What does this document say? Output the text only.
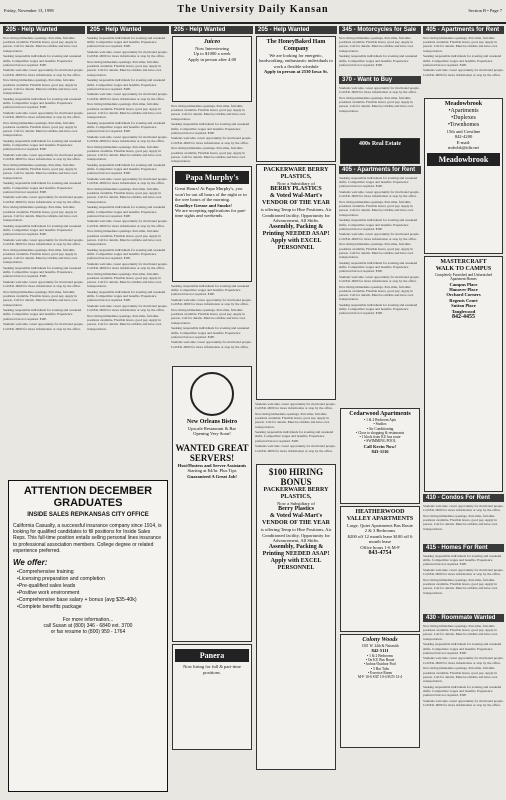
Friday, November 13, 1998	The University Daily Kansan	Section B • Page 7
205 - Help Wanted

Now hiring immediate openings. Part-time, full-time positions available. Flexible hours, good pay. Apply in person. Call for details. Must be reliable and have own transportation.

Seeking responsible individuals for evening and weekend shifts. Competitive wages and benefits. Experience preferred but not required. EOE.

Students welcome. Great opportunity for motivated people. Call 841-0000 for more information or stop by the office.

Now hiring immediate openings. Part-time, full-time positions available. Flexible hours, good pay. Apply in person. Call for details. Must be reliable and have own transportation.

Seeking responsible individuals for evening and weekend shifts. Competitive wages and benefits. Experience preferred but not required. EOE.

Students welcome. Great opportunity for motivated people. Call 841-0000 for more information or stop by the office.

Now hiring immediate openings. Part-time, full-time positions available. Flexible hours, good pay. Apply in person. Call for details. Must be reliable and have own transportation.

Seeking responsible individuals for evening and weekend shifts. Competitive wages and benefits. Experience preferred but not required. EOE.

Students welcome. Great opportunity for motivated people. Call 841-0000 for more information or stop by the office.

Now hiring immediate openings. Part-time, full-time positions available. Flexible hours, good pay. Apply in person. Call for details. Must be reliable and have own transportation.

Seeking responsible individuals for evening and weekend shifts. Competitive wages and benefits. Experience preferred but not required. EOE.

Students welcome. Great opportunity for motivated people. Call 841-0000 for more information or stop by the office.

Now hiring immediate openings. Part-time, full-time positions available. Flexible hours, good pay. Apply in person. Call for details. Must be reliable and have own transportation.

Seeking responsible individuals for evening and weekend shifts. Competitive wages and benefits. Experience preferred but not required. EOE.

Students welcome. Great opportunity for motivated people. Call 841-0000 for more information or stop by the office.

Now hiring immediate openings. Part-time, full-time positions available. Flexible hours, good pay. Apply in person. Call for details. Must be reliable and have own transportation.

Seeking responsible individuals for evening and weekend shifts. Competitive wages and benefits. Experience preferred but not required. EOE.

Students welcome. Great opportunity for motivated people. Call 841-0000 for more information or stop by the office.

Now hiring immediate openings. Part-time, full-time positions available. Flexible hours, good pay. Apply in person. Call for details. Must be reliable and have own transportation.

Seeking responsible individuals for evening and weekend shifts. Competitive wages and benefits. Experience preferred but not required. EOE.

Students welcome. Great opportunity for motivated people. Call 841-0000 for more information or stop by the office.

205 - Help Wanted

Seeking responsible individuals for evening and weekend shifts. Competitive wages and benefits. Experience preferred but not required. EOE.

Students welcome. Great opportunity for motivated people. Call 841-0000 for more information or stop by the office.

Now hiring immediate openings. Part-time, full-time positions available. Flexible hours, good pay. Apply in person. Call for details. Must be reliable and have own transportation.

Seeking responsible individuals for evening and weekend shifts. Competitive wages and benefits. Experience preferred but not required. EOE.

Students welcome. Great opportunity for motivated people. Call 841-0000 for more information or stop by the office.

Now hiring immediate openings. Part-time, full-time positions available. Flexible hours, good pay. Apply in person. Call for details. Must be reliable and have own transportation.

Seeking responsible individuals for evening and weekend shifts. Competitive wages and benefits. Experience preferred but not required. EOE.

Students welcome. Great opportunity for motivated people. Call 841-0000 for more information or stop by the office.

Now hiring immediate openings. Part-time, full-time positions available. Flexible hours, good pay. Apply in person. Call for details. Must be reliable and have own transportation.

Seeking responsible individuals for evening and weekend shifts. Competitive wages and benefits. Experience preferred but not required. EOE.

Students welcome. Great opportunity for motivated people. Call 841-0000 for more information or stop by the office.

Now hiring immediate openings. Part-time, full-time positions available. Flexible hours, good pay. Apply in person. Call for details. Must be reliable and have own transportation.

Seeking responsible individuals for evening and weekend shifts. Competitive wages and benefits. Experience preferred but not required. EOE.

Students welcome. Great opportunity for motivated people. Call 841-0000 for more information or stop by the office.

Now hiring immediate openings. Part-time, full-time positions available. Flexible hours, good pay. Apply in person. Call for details. Must be reliable and have own transportation.

Seeking responsible individuals for evening and weekend shifts. Competitive wages and benefits. Experience preferred but not required. EOE.

Students welcome. Great opportunity for motivated people. Call 841-0000 for more information or stop by the office.

Now hiring immediate openings. Part-time, full-time positions available. Flexible hours, good pay. Apply in person. Call for details. Must be reliable and have own transportation.

Seeking responsible individuals for evening and weekend shifts. Competitive wages and benefits. Experience preferred but not required. EOE.

Students welcome. Great opportunity for motivated people. Call 841-0000 for more information or stop by the office.

Now hiring immediate openings. Part-time, full-time positions available. Flexible hours, good pay. Apply in person. Call for details. Must be reliable and have own transportation.

205 - Help Wanted
Juiceo
Now Interviewing
Up to $1000 a week
Apply in person after 4:00

Now hiring immediate openings. Part-time, full-time positions available. Flexible hours, good pay. Apply in person. Call for details. Must be reliable and have own transportation.

Seeking responsible individuals for evening and weekend shifts. Competitive wages and benefits. Experience preferred but not required. EOE.

Students welcome. Great opportunity for motivated people. Call 841-0000 for more information or stop by the office.

Now hiring immediate openings. Part-time, full-time positions available. Flexible hours, good pay. Apply in person. Call for details. Must be reliable and have own transportation.

Papa Murphy's
Great Hours! At Papa Murphy's, you won't be out all hours of the night or in the wee hours of the morning.
Goodbye Grease and Smoke!
We are accepting applications for part-time sights and weekends.

Seeking responsible individuals for evening and weekend shifts. Competitive wages and benefits. Experience preferred but not required. EOE.

Students welcome. Great opportunity for motivated people. Call 841-0000 for more information or stop by the office.

Now hiring immediate openings. Part-time, full-time positions available. Flexible hours, good pay. Apply in person. Call for details. Must be reliable and have own transportation.

Seeking responsible individuals for evening and weekend shifts. Competitive wages and benefits. Experience preferred but not required. EOE.

Students welcome. Great opportunity for motivated people. Call 841-0000 for more information or stop by the office.

New Orleans Bistro
Upscale Restaurant & Bar
Opening Very Soon!
WANTED GREAT SERVERS!
Host/Hostess and Server Assistants
Starting at $4/hr. Plus Tips
Guaranteed A Great Job!
Panera
Now hiring for full & part-time positions.
205 - Help Wanted
The HoneyBaked Ham Company
We are looking for energetic, hardworking, enthusiastic individuals to work a flexible schedule
Apply in person at 2530 Iowa St.
PACKERWARE BERRY PLASTICS,
Now a Subsidiary of
BERRY PLASTICS
& Voted Wal-Mart's VENDOR OF THE YEAR
is offering Temp to Hire Positions, Air Conditioned facility, Opportunity for Advancement, All Shifts.
Assembly, Packing & Printing NEEDED ASAP! Apply with EXCEL PERSONNEL

Students welcome. Great opportunity for motivated people. Call 841-0000 for more information or stop by the office.

Now hiring immediate openings. Part-time, full-time positions available. Flexible hours, good pay. Apply in person. Call for details. Must be reliable and have own transportation.

Seeking responsible individuals for evening and weekend shifts. Competitive wages and benefits. Experience preferred but not required. EOE.

Students welcome. Great opportunity for motivated people. Call 841-0000 for more information or stop by the office.

$100 HIRING BONUS
PACKERWARE BERRY PLASTICS,
Now a Subsidiary of
Berry Plastics
& Voted Wal-Mart's VENDOR OF THE YEAR
is offering Temp to Hire Positions, Air Conditioned facility, Opportunity for Advancement, All Shifts.
Assembly, Packing & Printing NEEDED ASAP! Apply with EXCEL PERSONNEL
345 - Motorcycles for Sale

Now hiring immediate openings. Part-time, full-time positions available. Flexible hours, good pay. Apply in person. Call for details. Must be reliable and have own transportation.

Seeking responsible individuals for evening and weekend shifts. Competitive wages and benefits. Experience preferred but not required. EOE.

370 - Want to Buy

Students welcome. Great opportunity for motivated people. Call 841-0000 for more information or stop by the office.

Now hiring immediate openings. Part-time, full-time positions available. Flexible hours, good pay. Apply in person. Call for details. Must be reliable and have own transportation.

400s Real Estate
405 - Apartments for Rent

Seeking responsible individuals for evening and weekend shifts. Competitive wages and benefits. Experience preferred but not required. EOE.

Students welcome. Great opportunity for motivated people. Call 841-0000 for more information or stop by the office.

Now hiring immediate openings. Part-time, full-time positions available. Flexible hours, good pay. Apply in person. Call for details. Must be reliable and have own transportation.

Seeking responsible individuals for evening and weekend shifts. Competitive wages and benefits. Experience preferred but not required. EOE.

Students welcome. Great opportunity for motivated people. Call 841-0000 for more information or stop by the office.

Now hiring immediate openings. Part-time, full-time positions available. Flexible hours, good pay. Apply in person. Call for details. Must be reliable and have own transportation.

Seeking responsible individuals for evening and weekend shifts. Competitive wages and benefits. Experience preferred but not required. EOE.

Students welcome. Great opportunity for motivated people. Call 841-0000 for more information or stop by the office.

Now hiring immediate openings. Part-time, full-time positions available. Flexible hours, good pay. Apply in person. Call for details. Must be reliable and have own transportation.

Seeking responsible individuals for evening and weekend shifts. Competitive wages and benefits. Experience preferred but not required. EOE.

Cedarwood Apartments
• 1 & 2 Bedroom Apts
• Studios
• Air Conditioning
• Close to shopping & restaurants
• 1 block from KU bus route
• SWIMMING POOL
Call Kevin Now!
843-1116
HEATHERWOOD VALLEY APARTMENTS
Large, Quiet Apartments Bus Route
2 & 3 Bedrooms
$200 off 12 month lease $100 off 6 month lease
Office hours 1-6 M-F
843-4754
Colony Woods
1301 W. 24th & Naismith
842-5111
• 1 & 2 Bedrooms
• On KU Bus Route
• Indoor/Outdoor Pool
• 5 Hot Tubs
• Exercise Room
M-F 10-6 SAT 10-4 SUN 12-4
405 - Apartments for Rent

Now hiring immediate openings. Part-time, full-time positions available. Flexible hours, good pay. Apply in person. Call for details. Must be reliable and have own transportation.

Seeking responsible individuals for evening and weekend shifts. Competitive wages and benefits. Experience preferred but not required. EOE.

Students welcome. Great opportunity for motivated people. Call 841-0000 for more information or stop by the office.

Meadowbrook
•Apartments
•Duplexes
•Townhomes
15th and Crestline
842-4200
E-mail:
mdwbk@idir.net
Meadowbrook
MASTERCRAFT
WALK TO CAMPUS
Completely Furnished and Unfurnished Apartment Homes
Campus Place
Hanover Place
Orchard Corners
Regents Court
Sutton Place
Tanglewood
842-4455
410 - Condos For Rent

Students welcome. Great opportunity for motivated people. Call 841-0000 for more information or stop by the office.

Now hiring immediate openings. Part-time, full-time positions available. Flexible hours, good pay. Apply in person. Call for details. Must be reliable and have own transportation.

415 - Homes For Rent

Seeking responsible individuals for evening and weekend shifts. Competitive wages and benefits. Experience preferred but not required. EOE.

Students welcome. Great opportunity for motivated people. Call 841-0000 for more information or stop by the office.

Now hiring immediate openings. Part-time, full-time positions available. Flexible hours, good pay. Apply in person. Call for details. Must be reliable and have own transportation.

430 - Roommate Wanted

Now hiring immediate openings. Part-time, full-time positions available. Flexible hours, good pay. Apply in person. Call for details. Must be reliable and have own transportation.

Seeking responsible individuals for evening and weekend shifts. Competitive wages and benefits. Experience preferred but not required. EOE.

Students welcome. Great opportunity for motivated people. Call 841-0000 for more information or stop by the office.

Now hiring immediate openings. Part-time, full-time positions available. Flexible hours, good pay. Apply in person. Call for details. Must be reliable and have own transportation.

Seeking responsible individuals for evening and weekend shifts. Competitive wages and benefits. Experience preferred but not required. EOE.

Students welcome. Great opportunity for motivated people. Call 841-0000 for more information or stop by the office.

ATTENTION DECEMBER GRADUATES
INSIDE SALES REP/KANSAS CITY OFFICE
California Casualty, a successful insurance company since 1914, is looking for qualified candidates to fill positions for Inside Sales Reps. This full-time position entails selling personal lines insurance to professional association members. College degree or related experience preferred.
We offer:
•Comprehensive training
•Licensing preparation and completion
•Pre-qualified sales leads
•Positive work environment
•Comprehensive base salary + bonus (avg $35-40k)
•Complete benefits package
For more information...
call Susan at (800) 346 - 6840 ext. 3700
or fax resume to (800) 959 - 1764
